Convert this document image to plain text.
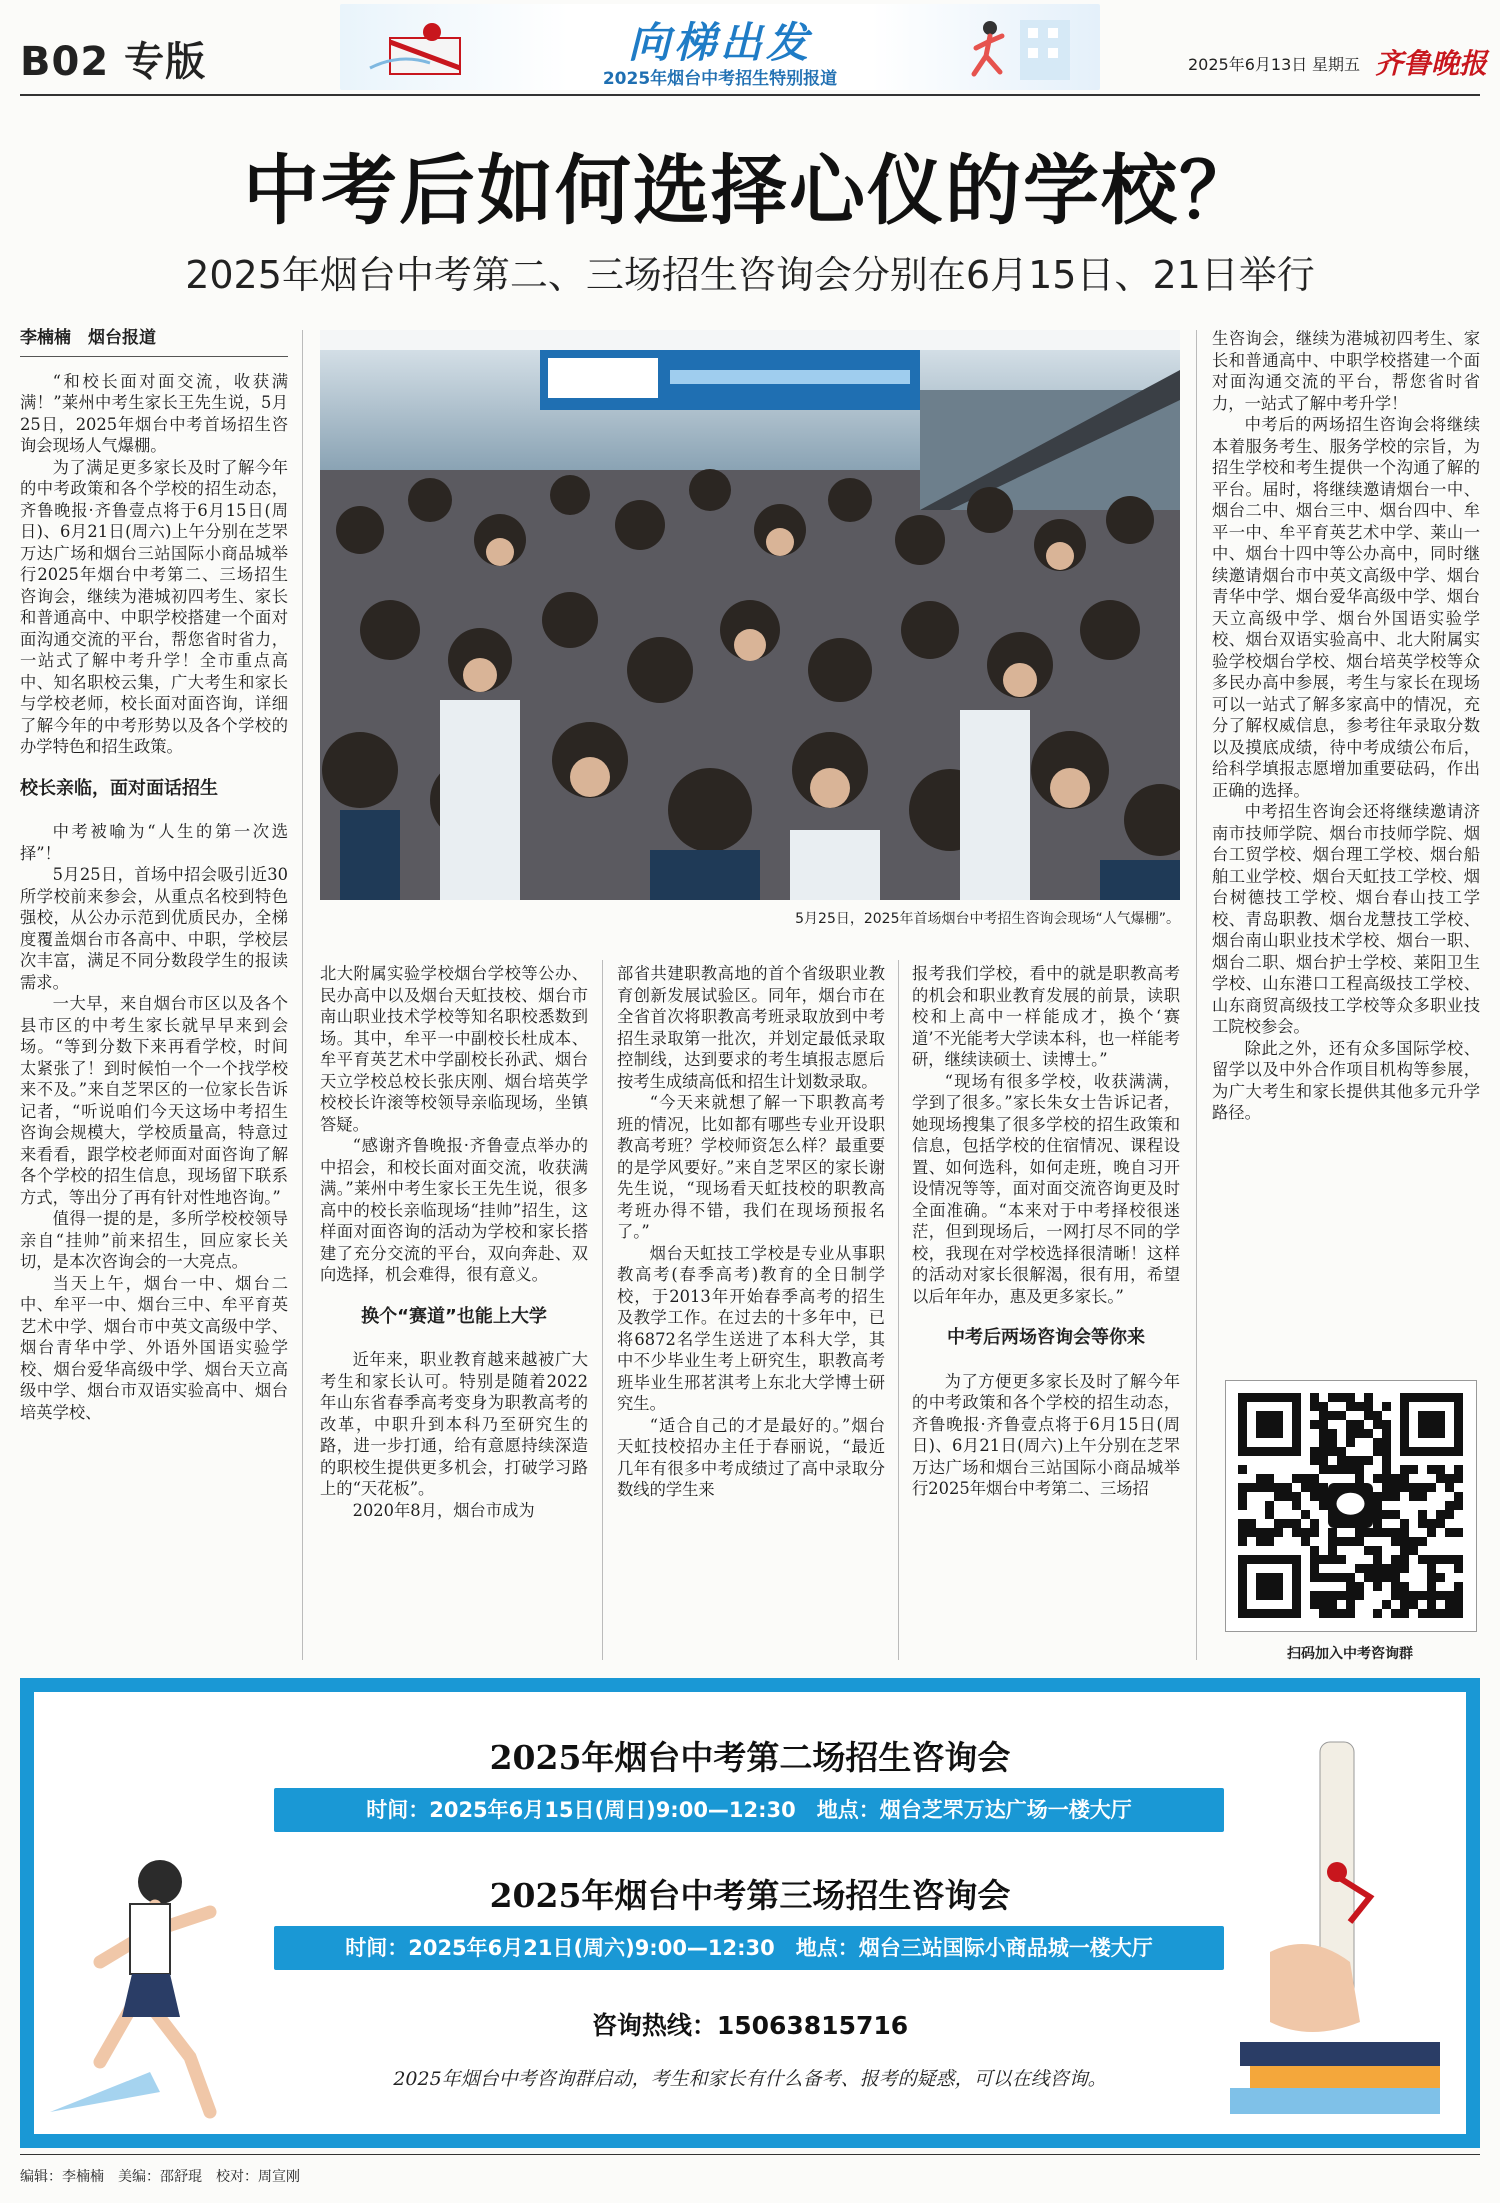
B02 专版	向梯出发
2025年烟台中考招生特别报道
2025年6月13日 星期五 齐鲁晚报
中考后如何选择心仪的学校？
2025年烟台中考第二、三场招生咨询会分别在6月15日、21日举行
李楠楠　烟台报道

“和校长面对面交流，收获满满！”莱州中考生家长王先生说，5月25日，2025年烟台中考首场招生咨询会现场人气爆棚。

为了满足更多家长及时了解今年的中考政策和各个学校的招生动态，齐鲁晚报·齐鲁壹点将于6月15日(周日)、6月21日(周六)上午分别在芝罘万达广场和烟台三站国际小商品城举行2025年烟台中考第二、三场招生咨询会，继续为港城初四考生、家长和普通高中、中职学校搭建一个面对面沟通交流的平台，帮您省时省力，一站式了解中考升学！全市重点高中、知名职校云集，广大考生和家长与学校老师，校长面对面咨询，详细了解今年的中考形势以及各个学校的办学特色和招生政策。

校长亲临，面对面话招生

中考被喻为“人生的第一次选择”！

5月25日，首场中招会吸引近30所学校前来参会，从重点名校到特色强校，从公办示范到优质民办，全梯度覆盖烟台市各高中、中职，学校层次丰富，满足不同分数段学生的报读需求。

一大早，来自烟台市区以及各个县市区的中考生家长就早早来到会场。“等到分数下来再看学校，时间太紧张了！到时候怕一个一个找学校来不及。”来自芝罘区的一位家长告诉记者，“听说咱们今天这场中考招生咨询会规模大，学校质量高，特意过来看看，跟学校老师面对面咨询了解各个学校的招生信息，现场留下联系方式，等出分了再有针对性地咨询。”

值得一提的是，多所学校校领导亲自“挂帅”前来招生，回应家长关切，是本次咨询会的一大亮点。

当天上午，烟台一中、烟台二中、牟平一中、烟台三中、牟平育英艺术中学、烟台市中英文高级中学、烟台青华中学、外语外国语实验学校、烟台爱华高级中学、烟台天立高级中学、烟台市双语实验高中、烟台培英学校、

5月25日，2025年首场烟台中考招生咨询会现场“人气爆棚”。

北大附属实验学校烟台学校等公办、民办高中以及烟台天虹技校、烟台市南山职业技术学校等知名职校悉数到场。其中，牟平一中副校长杜成本、牟平育英艺术中学副校长孙武、烟台天立学校总校长张庆刚、烟台培英学校校长许滚等校领导亲临现场，坐镇答疑。

“感谢齐鲁晚报·齐鲁壹点举办的中招会，和校长面对面交流，收获满满。”莱州中考生家长王先生说，很多高中的校长亲临现场“挂帅”招生，这样面对面咨询的活动为学校和家长搭建了充分交流的平台，双向奔赴、双向选择，机会难得，很有意义。

换个“赛道”也能上大学

近年来，职业教育越来越被广大考生和家长认可。特别是随着2022年山东省春季高考变身为职教高考的改革，中职升到本科乃至研究生的路，进一步打通，给有意愿持续深造的职校生提供更多机会，打破学习路上的“天花板”。

2020年8月，烟台市成为

部省共建职教高地的首个省级职业教育创新发展试验区。同年，烟台市在全省首次将职教高考班录取放到中考招生录取第一批次，并划定最低录取控制线，达到要求的考生填报志愿后按考生成绩高低和招生计划数录取。

“今天来就想了解一下职教高考班的情况，比如都有哪些专业开设职教高考班？学校师资怎么样？最重要的是学风要好。”来自芝罘区的家长谢先生说，“现场看天虹技校的职教高考班办得不错，我们在现场预报名了。”

烟台天虹技工学校是专业从事职教高考(春季高考)教育的全日制学校，于2013年开始春季高考的招生及教学工作。在过去的十多年中，已将6872名学生送进了本科大学，其中不少毕业生考上研究生，职教高考班毕业生邢茗淇考上东北大学博士研究生。

“适合自己的才是最好的。”烟台天虹技校招办主任于春丽说，“最近几年有很多中考成绩过了高中录取分数线的学生来

报考我们学校，看中的就是职教高考的机会和职业教育发展的前景，读职校和上高中一样能成才，换个‘赛道’不光能考大学读本科，也一样能考研，继续读硕士、读博士。”

“现场有很多学校，收获满满，学到了很多。”家长朱女士告诉记者，她现场搜集了很多学校的招生政策和信息，包括学校的住宿情况、课程设置、如何选科，如何走班，晚自习开设情况等等，面对面交流咨询更及时全面准确。“本来对于中考择校很迷茫，但到现场后，一网打尽不同的学校，我现在对学校选择很清晰！这样的活动对家长很解渴，很有用，希望以后年年办，惠及更多家长。”

中考后两场咨询会等你来

为了方便更多家长及时了解今年的中考政策和各个学校的招生动态，齐鲁晚报·齐鲁壹点将于6月15日(周日)、6月21日(周六)上午分别在芝罘万达广场和烟台三站国际小商品城举行2025年烟台中考第二、三场招

生咨询会，继续为港城初四考生、家长和普通高中、中职学校搭建一个面对面沟通交流的平台，帮您省时省力，一站式了解中考升学！

中考后的两场招生咨询会将继续本着服务考生、服务学校的宗旨，为招生学校和考生提供一个沟通了解的平台。届时，将继续邀请烟台一中、烟台二中、烟台三中、烟台四中、牟平一中、牟平育英艺术中学、莱山一中、烟台十四中等公办高中，同时继续邀请烟台市中英文高级中学、烟台青华中学、烟台爱华高级中学、烟台天立高级中学、烟台外国语实验学校、烟台双语实验高中、北大附属实验学校烟台学校、烟台培英学校等众多民办高中参展，考生与家长在现场可以一站式了解多家高中的情况，充分了解权威信息，参考往年录取分数以及摸底成绩，待中考成绩公布后，给科学填报志愿增加重要砝码，作出正确的选择。

中考招生咨询会还将继续邀请济南市技师学院、烟台市技师学院、烟台工贸学校、烟台理工学校、烟台船舶工业学校、烟台天虹技工学校、烟台树德技工学校、烟台春山技工学校、青岛职教、烟台龙慧技工学校、烟台南山职业技术学校、烟台一职、烟台二职、烟台护士学校、莱阳卫生学校、山东港口工程高级技工学校、山东商贸高级技工学校等众多职业技工院校参会。

除此之外，还有众多国际学校、留学以及中外合作项目机构等参展，为广大考生和家长提供其他多元升学路径。

扫码加入中考咨询群
2025年烟台中考第二场招生咨询会
时间：2025年6月15日(周日)9:00—12:30　地点：烟台芝罘万达广场一楼大厅
2025年烟台中考第三场招生咨询会
时间：2025年6月21日(周六)9:00—12:30　地点：烟台三站国际小商品城一楼大厅
咨询热线：15063815716
2025年烟台中考咨询群启动，考生和家长有什么备考、报考的疑惑，可以在线咨询。
编辑：李楠楠　美编：邵舒琨　校对：周宣刚
